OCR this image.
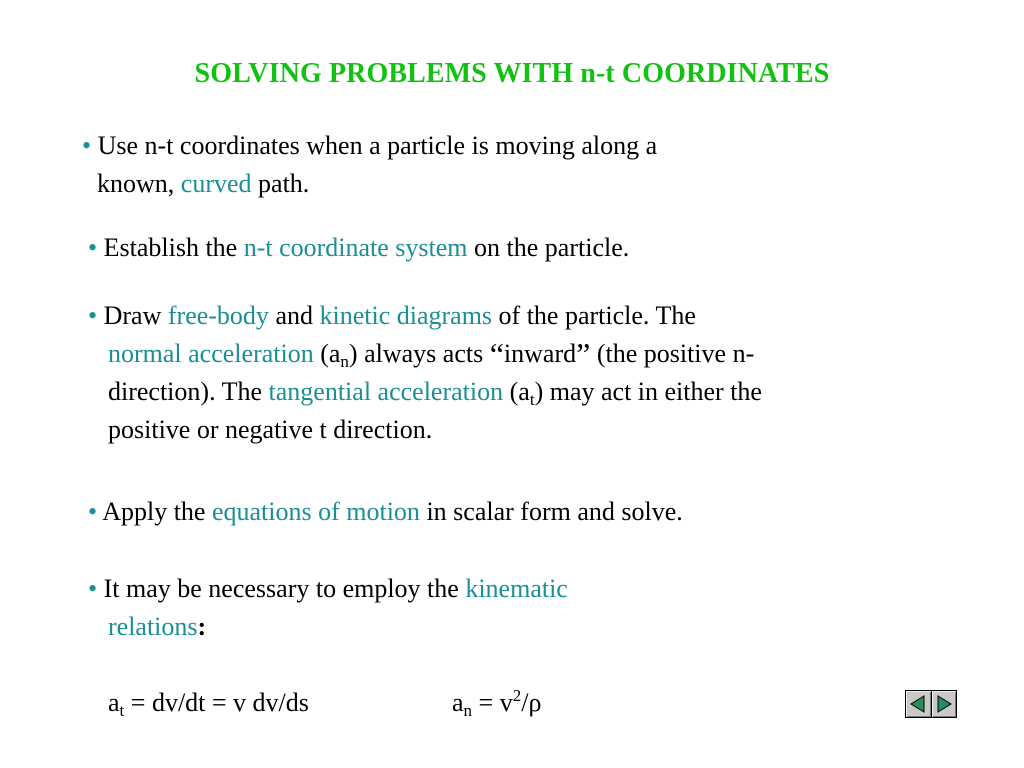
SOLVING PROBLEMS WITH n-t COORDINATES
• Use n-t coordinates when a particle is moving along a
known, curved path.
• Establish the n-t coordinate system on the particle.
• Draw free-body and kinetic diagrams of the particle. The
normal acceleration $(a_n)$ always acts “inward” (the positive n-
direction). The tangential acceleration $(a_t)$ may act in either the
positive or negative t direction.
• Apply the equations of motion in scalar form and solve.
• It may be necessary to employ the kinematic
relations:
$a_t = dv/dt = v$ dv/ds	$a_n = v^2/\rho$
